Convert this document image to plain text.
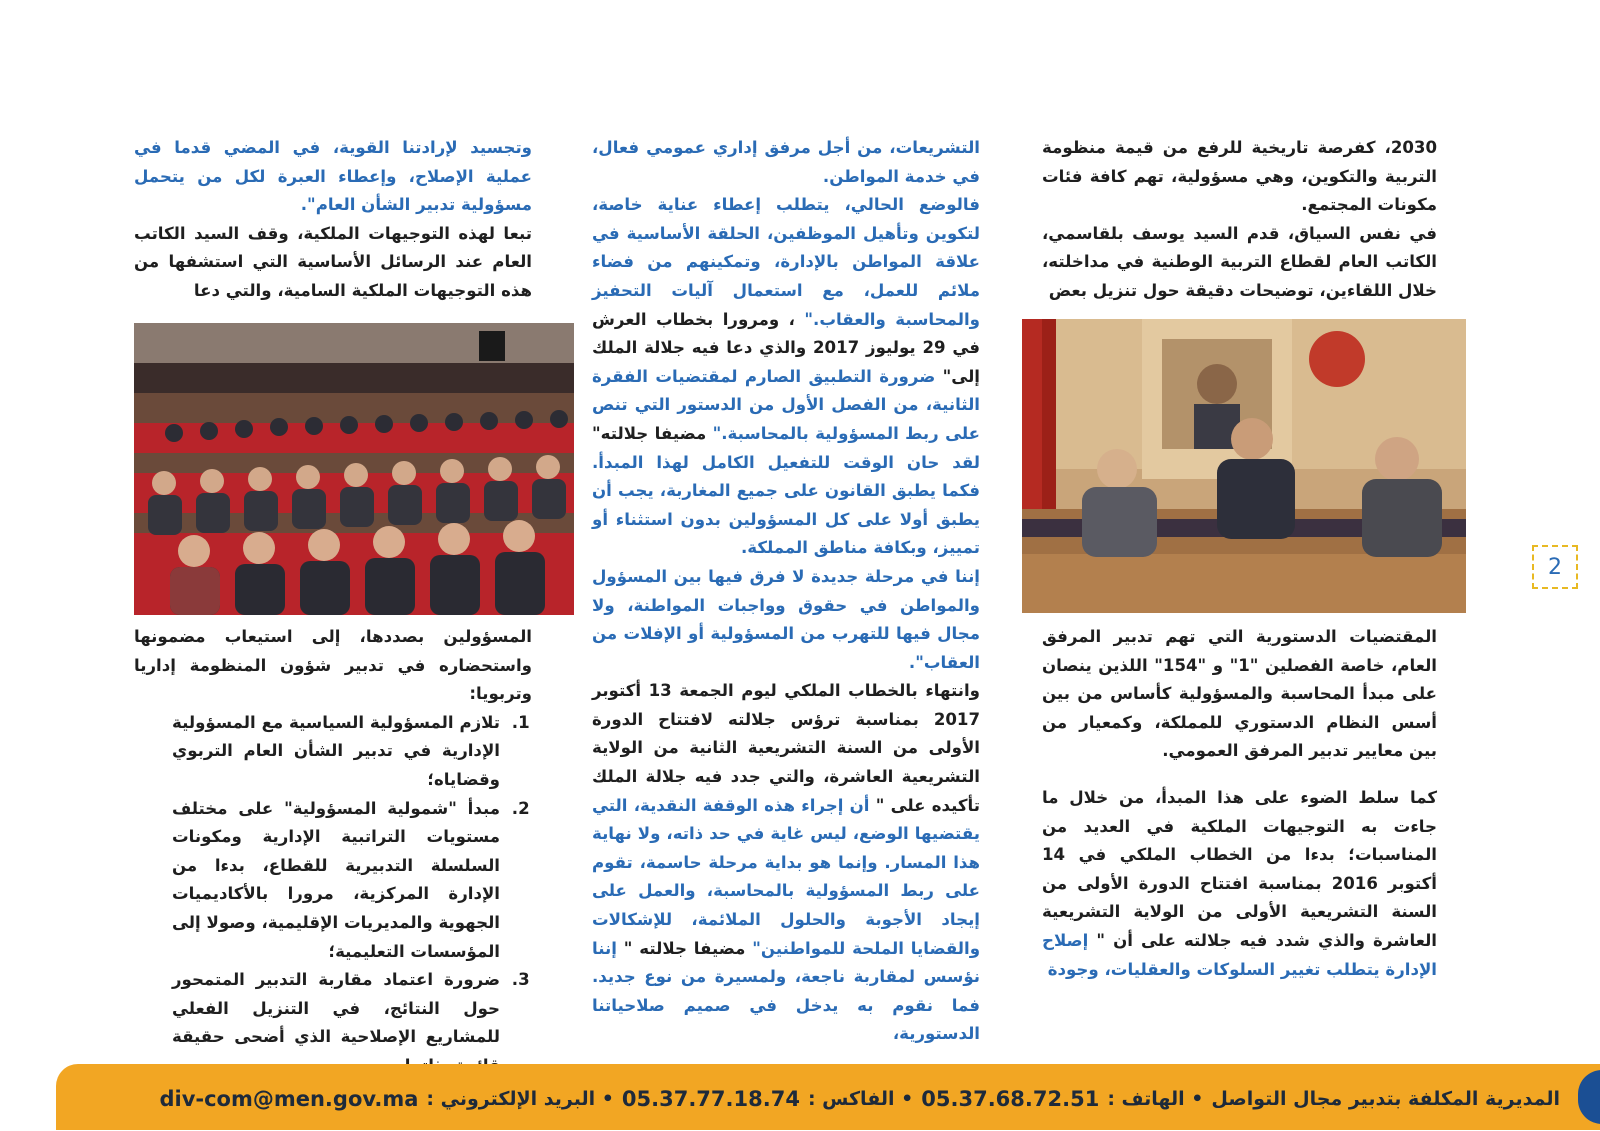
2030، كفرصة تاريخية للرفع من قيمة منظومة التربية والتكوين، وهي مسؤولية، تهم كافة فئات مكونات المجتمع.

في نفس السياق، قدم السيد يوسف بلقاسمي، الكاتب العام لقطاع التربية الوطنية في مداخلته، خلال اللقاءين، توضيحات دقيقة حول تنزيل بعض

المقتضيات الدستورية التي تهم تدبير المرفق العام، خاصة الفصلين "1" و "154" اللذين ينصان على مبدأ المحاسبة والمسؤولية كأساس من بين أسس النظام الدستوري للمملكة، وكمعيار من بين معايير تدبير المرفق العمومي.

كما سلط الضوء على هذا المبدأ، من خلال ما جاءت به التوجيهات الملكية في العديد من المناسبات؛ بدءا من الخطاب الملكي في 14 أكتوبر 2016 بمناسبة افتتاح الدورة الأولى من السنة التشريعية الأولى من الولاية التشريعية العاشرة والذي شدد فيه جلالته على أن " إصلاح الإدارة يتطلب تغيير السلوكات والعقليات، وجودة

التشريعات، من أجل مرفق إداري عمومي فعال، في خدمة المواطن.

فالوضع الحالي، يتطلب إعطاء عناية خاصة، لتكوين وتأهيل الموظفين، الحلقة الأساسية في علاقة المواطن بالإدارة، وتمكينهم من فضاء ملائم للعمل، مع استعمال آليات التحفيز والمحاسبة والعقاب." ، ومرورا بخطاب العرش في 29 يوليوز 2017 والذي دعا فيه جلالة الملك إلى" ضرورة التطبيق الصارم لمقتضيات الفقرة الثانية، من الفصل الأول من الدستور التي تنص على ربط المسؤولية بالمحاسبة." مضيفا جلالته" لقد حان الوقت للتفعيل الكامل لهذا المبدأ. فكما يطبق القانون على جميع المغاربة، يجب أن يطبق أولا على كل المسؤولين بدون استثناء أو تمييز، وبكافة مناطق المملكة.

إننا في مرحلة جديدة لا فرق فيها بين المسؤول والمواطن في حقوق وواجبات المواطنة، ولا مجال فيها للتهرب من المسؤولية أو الإفلات من العقاب".

وانتهاء بالخطاب الملكي ليوم الجمعة 13 أكتوبر 2017 بمناسبة ترؤس جلالته لافتتاح الدورة الأولى من السنة التشريعية الثانية من الولاية التشريعية العاشرة، والتي جدد فيه جلالة الملك تأكيده على " أن إجراء هذه الوقفة النقدية، التي يقتضيها الوضع، ليس غاية في حد ذاته، ولا نهاية هذا المسار. وإنما هو بداية مرحلة حاسمة، تقوم على ربط المسؤولية بالمحاسبة، والعمل على إيجاد الأجوبة والحلول الملائمة، للإشكالات والقضايا الملحة للمواطنين" مضيفا جلالته " إننا نؤسس لمقاربة ناجعة، ولمسيرة من نوع جديد. فما نقوم به يدخل في صميم صلاحياتنا الدستورية،

وتجسيد لإرادتنا القوية، في المضي قدما في عملية الإصلاح، وإعطاء العبرة لكل من يتحمل مسؤولية تدبير الشأن العام".

تبعا لهذه التوجيهات الملكية، وقف السيد الكاتب العام عند الرسائل الأساسية التي استشفها من هذه التوجيهات الملكية السامية، والتي دعا

المسؤولين بصددها، إلى استيعاب مضمونها واستحضاره في تدبير شؤون المنظومة إداريا وتربويا:

1. تلازم المسؤولية السياسية مع المسؤولية الإدارية في تدبير الشأن العام التربوي وقضاياه؛
2. مبدأ "شمولية المسؤولية" على مختلف مستويات التراتبية الإدارية ومكونات السلسلة التدبيرية للقطاع، بدءا من الإدارة المركزية، مرورا بالأكاديميات الجهوية والمديريات الإقليمية، وصولا إلى المؤسسات التعليمية؛
3. ضرورة اعتماد مقاربة التدبير المتمحور حول النتائج، في التنزيل الفعلي للمشاريع الإصلاحية الذي أضحى حقيقة
2
المديرية المكلفة بتدبير مجال التواصل
• الهاتف :
05.37.68.72.51
• الفاكس :
05.37.77.18.74
• البريد الإلكتروني :
div-com@men.gov.ma
